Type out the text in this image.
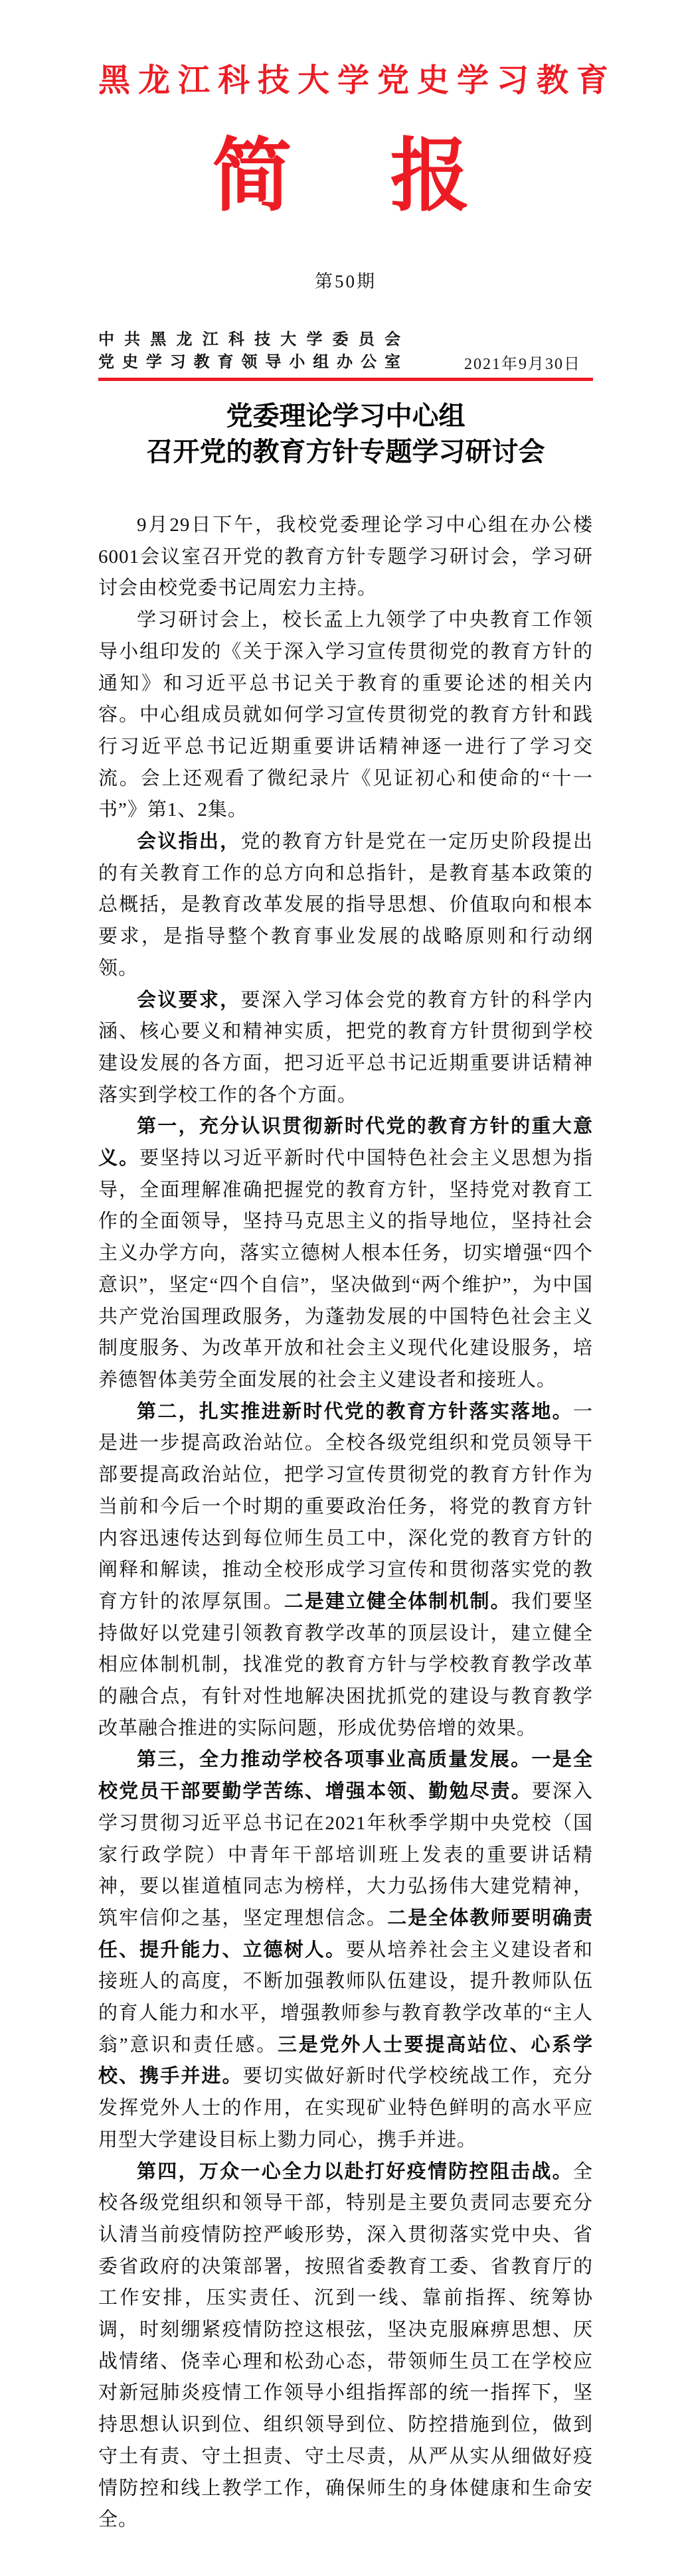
黑龙江科技大学党史学习教育
简　报
第50期
中共黑龙江科技大学委员会
党史学习教育领导小组办公室	2021年9月30日
党委理论学习中心组
召开党的教育方针专题学习研讨会

9月29日下午，我校党委理论学习中心组在办公楼6001会议室召开党的教育方针专题学习研讨会，学习研讨会由校党委书记周宏力主持。

学习研讨会上，校长孟上九领学了中央教育工作领导小组印发的《关于深入学习宣传贯彻党的教育方针的通知》和习近平总书记关于教育的重要论述的相关内容。中心组成员就如何学习宣传贯彻党的教育方针和践行习近平总书记近期重要讲话精神逐一进行了学习交流。会上还观看了微纪录片《见证初心和使命的“十一书”》第1、2集。

会议指出，党的教育方针是党在一定历史阶段提出的有关教育工作的总方向和总指针，是教育基本政策的总概括，是教育改革发展的指导思想、价值取向和根本要求，是指导整个教育事业发展的战略原则和行动纲领。

会议要求，要深入学习体会党的教育方针的科学内涵、核心要义和精神实质，把党的教育方针贯彻到学校建设发展的各方面，把习近平总书记近期重要讲话精神落实到学校工作的各个方面。

第一，充分认识贯彻新时代党的教育方针的重大意义。要坚持以习近平新时代中国特色社会主义思想为指导，全面理解准确把握党的教育方针，坚持党对教育工作的全面领导，坚持马克思主义的指导地位，坚持社会主义办学方向，落实立德树人根本任务，切实增强“四个意识”，坚定“四个自信”，坚决做到“两个维护”，为中国共产党治国理政服务，为蓬勃发展的中国特色社会主义制度服务、为改革开放和社会主义现代化建设服务，培养德智体美劳全面发展的社会主义建设者和接班人。

第二，扎实推进新时代党的教育方针落实落地。一是进一步提高政治站位。全校各级党组织和党员领导干部要提高政治站位，把学习宣传贯彻党的教育方针作为当前和今后一个时期的重要政治任务，将党的教育方针内容迅速传达到每位师生员工中，深化党的教育方针的阐释和解读，推动全校形成学习宣传和贯彻落实党的教育方针的浓厚氛围。二是建立健全体制机制。我们要坚持做好以党建引领教育教学改革的顶层设计，建立健全相应体制机制，找准党的教育方针与学校教育教学改革的融合点，有针对性地解决困扰抓党的建设与教育教学改革融合推进的实际问题，形成优势倍增的效果。

第三，全力推动学校各项事业高质量发展。一是全校党员干部要勤学苦练、增强本领、勤勉尽责。要深入学习贯彻习近平总书记在2021年秋季学期中央党校（国家行政学院）中青年干部培训班上发表的重要讲话精神，要以崔道植同志为榜样，大力弘扬伟大建党精神，筑牢信仰之基，坚定理想信念。二是全体教师要明确责任、提升能力、立德树人。要从培养社会主义建设者和接班人的高度，不断加强教师队伍建设，提升教师队伍的育人能力和水平，增强教师参与教育教学改革的“主人翁”意识和责任感。三是党外人士要提高站位、心系学校、携手并进。要切实做好新时代学校统战工作，充分发挥党外人士的作用，在实现矿业特色鲜明的高水平应用型大学建设目标上勠力同心，携手并进。

第四，万众一心全力以赴打好疫情防控阻击战。全校各级党组织和领导干部，特别是主要负责同志要充分认清当前疫情防控严峻形势，深入贯彻落实党中央、省委省政府的决策部署，按照省委教育工委、省教育厅的工作安排，压实责任、沉到一线、靠前指挥、统筹协调，时刻绷紧疫情防控这根弦，坚决克服麻痹思想、厌战情绪、侥幸心理和松劲心态，带领师生员工在学校应对新冠肺炎疫情工作领导小组指挥部的统一指挥下，坚持思想认识到位、组织领导到位、防控措施到位，做到守土有责、守土担责、守土尽责，从严从实从细做好疫情防控和线上教学工作，确保师生的身体健康和生命安全。
